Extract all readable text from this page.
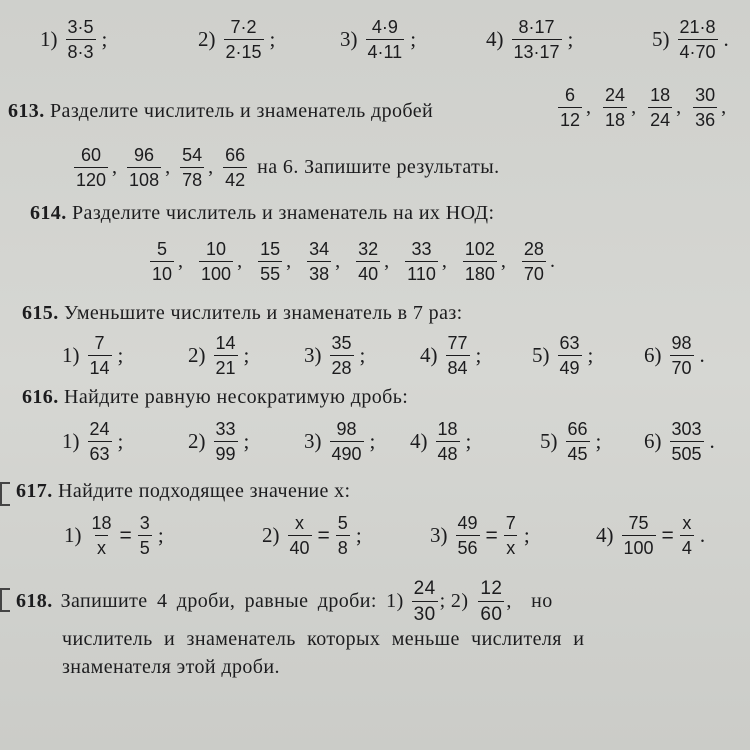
$1) \frac{3\cdot 5}{8\cdot 3}$ ;	$2) \frac{7\cdot 2}{2\cdot 15}$ ;	$3) \frac{4\cdot 9}{4\cdot 11}$ ;	$4) \frac{8\cdot 17}{13\cdot 17}$ ;	$5) \frac{21\cdot 8}{4\cdot 70}$ .
613. Разделите числитель и знаменатель дробей	$\frac{6}{12}$ , $\frac{24}{18}$ , $\frac{18}{24}$ , $\frac{30}{36}$ ,
$\frac{60}{120}$ , $\frac{96}{108}$ , $\frac{54}{78}$ , $\frac{66}{42}$ на 6. Запишите результаты.
614. Разделите числитель и знаменатель на их НОД:
$\frac{5}{10}$ , $\frac{10}{100}$ , $\frac{15}{55}$ , $\frac{34}{38}$ , $\frac{32}{40}$ , $\frac{33}{110}$ , $\frac{102}{180}$ , $\frac{28}{70}$ .
615. Уменьшите числитель и знаменатель в 7 раз:
$1) \frac{7}{14}$ ;	$2) \frac{14}{21}$ ;	$3) \frac{35}{28}$ ;	$4) \frac{77}{84}$ ; $5) \frac{63}{49}$ ; $6) \frac{98}{70}$ .
616. Найдите равную несократимую дробь:
$1) \frac{24}{63}$ ;	$2) \frac{33}{99}$ ;	$3) \frac{98}{490}$ ; $4) \frac{18}{48}$ ;	$5) \frac{66}{45}$ ; $6) \frac{303}{505}$ .
617. Найдите подходящее значение x:
$1) \frac{18}{x} = \frac{3}{5}$ ;	$2) \frac{x}{40} = \frac{5}{8}$ ;	$3) \frac{49}{56} = \frac{7}{x}$ ;	$4) \frac{75}{100} = \frac{x}{4}$ .
618. Запишите 4 дроби, равные дроби: $1) \frac{24}{30}$ ; $2) \frac{12}{60}$ , но
числитель и знаменатель которых меньше числителя и
знаменателя этой дроби.
